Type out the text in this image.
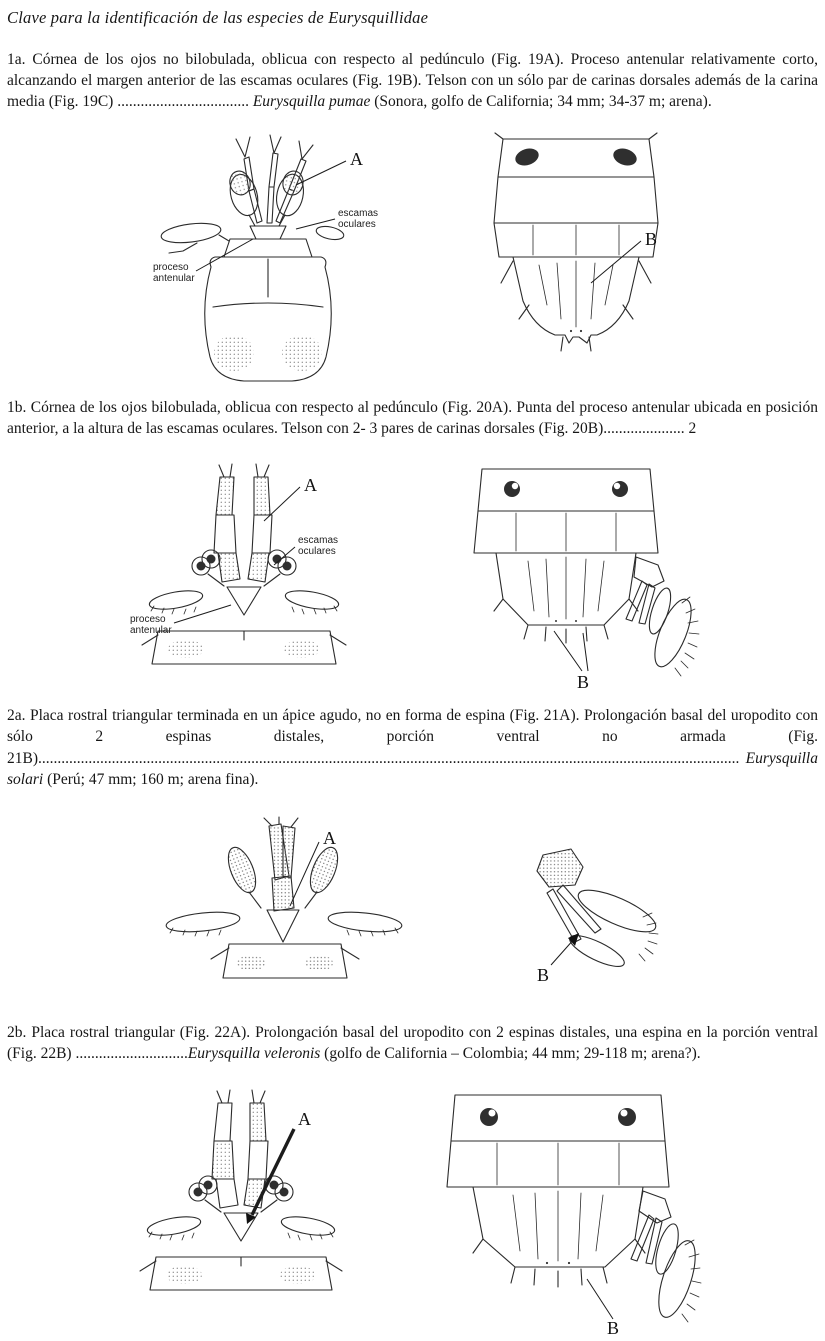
Clave para la identificación de las especies de Eurysquillidae

1a. Córnea de los ojos no bilobulada, oblicua con respecto al pedúnculo (Fig. 19A). Proceso antenular relativamente corto, alcanzando el margen anterior de las escamas oculares (Fig. 19B). Telson con un sólo par de carinas dorsales además de la carina media (Fig. 19C) .................................. Eurysquilla pumae (Sonora, golfo de California; 34 mm; 34-37 m; arena).

A
escamas
oculares
proceso
antenular
B

1b. Córnea de los ojos bilobulada, oblicua con respecto al pedúnculo (Fig. 20A). Punta del proceso antenular ubicada en posición anterior, a la altura de las escamas oculares. Telson con 2- 3 pares de carinas dorsales (Fig. 20B)..................... 2

A
escamas
oculares
proceso
antenular
B

2a. Placa rostral triangular terminada en un ápice agudo, no en forma de espina (Fig. 21A). Prolongación basal del uropodito con sólo 2 espinas distales, porción ventral no armada (Fig. 21B)..................................................................................................................................................................................... Eurysquilla solari (Perú; 47 mm; 160 m; arena fina).

A
B

2b. Placa rostral triangular (Fig. 22A). Prolongación basal del uropodito con 2 espinas distales, una espina en la porción ventral (Fig. 22B) .............................Eurysquilla veleronis (golfo de California – Colombia; 44 mm; 29-118 m; arena?).

A
B
